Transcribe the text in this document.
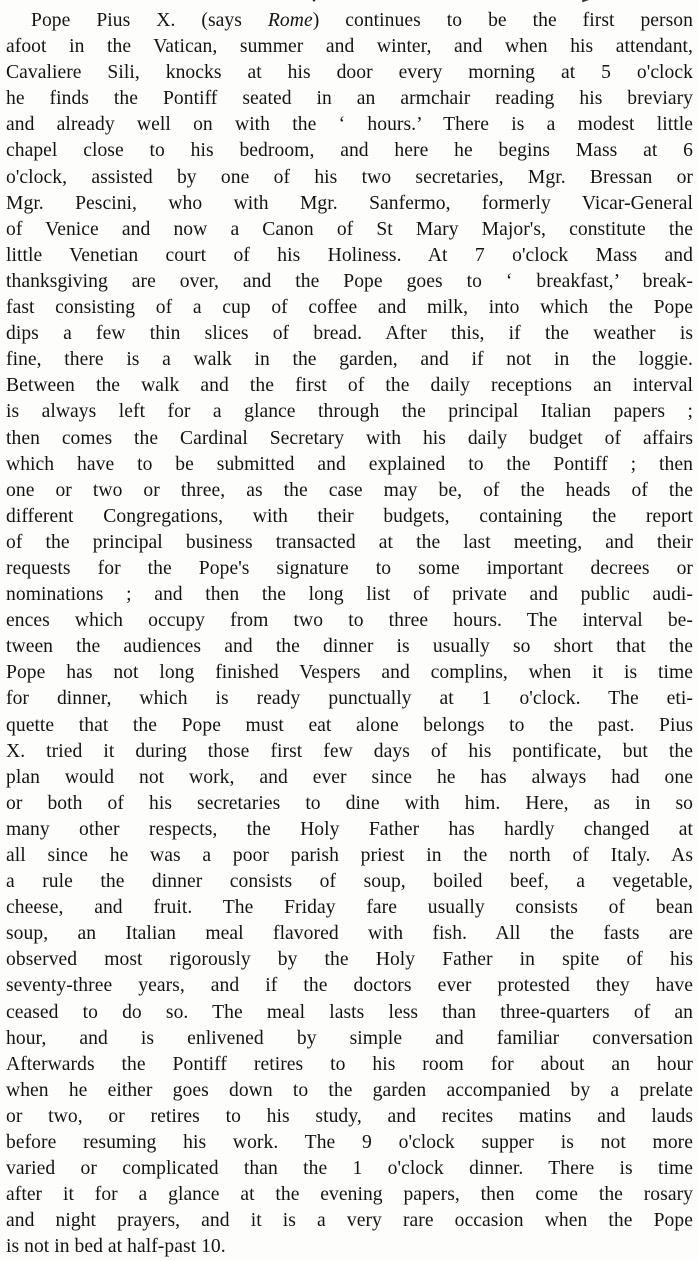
Pope Pius X. (says Rome) continues to be the first person
afoot in the Vatican, summer and winter, and when his attendant,
Cavaliere Sili, knocks at his door every morning at 5 o'clock
he finds the Pontiff seated in an armchair reading his breviary
and already well on with the ‘ hours.’ There is a modest little
chapel close to his bedroom, and here he begins Mass at 6
o'clock, assisted by one of his two secretaries, Mgr. Bressan or
Mgr. Pescini, who with Mgr. Sanfermo, formerly Vicar-General
of Venice and now a Canon of St Mary Major's, constitute the
little Venetian court of his Holiness. At 7 o'clock Mass and
thanksgiving are over, and the Pope goes to ‘ breakfast,’ break-
fast consisting of a cup of coffee and milk, into which the Pope
dips a few thin slices of bread. After this, if the weather is
fine, there is a walk in the garden, and if not in the loggie.
Between the walk and the first of the daily receptions an interval
is always left for a glance through the principal Italian papers ;
then comes the Cardinal Secretary with his daily budget of affairs
which have to be submitted and explained to the Pontiff ; then
one or two or three, as the case may be, of the heads of the
different Congregations, with their budgets, containing the report
of the principal business transacted at the last meeting, and their
requests for the Pope's signature to some important decrees or
nominations ; and then the long list of private and public audi-
ences which occupy from two to three hours. The interval be-
tween the audiences and the dinner is usually so short that the
Pope has not long finished Vespers and complins, when it is time
for dinner, which is ready punctually at 1 o'clock. The eti-
quette that the Pope must eat alone belongs to the past. Pius
X. tried it during those first few days of his pontificate, but the
plan would not work, and ever since he has always had one
or both of his secretaries to dine with him. Here, as in so
many other respects, the Holy Father has hardly changed at
all since he was a poor parish priest in the north of Italy. As
a rule the dinner consists of soup, boiled beef, a vegetable,
cheese, and fruit. The Friday fare usually consists of bean
soup, an Italian meal flavored with fish. All the fasts are
observed most rigorously by the Holy Father in spite of his
seventy-three years, and if the doctors ever protested they have
ceased to do so. The meal lasts less than three-quarters of an
hour, and is enlivened by simple and familiar conversation
Afterwards the Pontiff retires to his room for about an hour
when he either goes down to the garden accompanied by a prelate
or two, or retires to his study, and recites matins and lauds
before resuming his work. The 9 o'clock supper is not more
varied or complicated than the 1 o'clock dinner. There is time
after it for a glance at the evening papers, then come the rosary
and night prayers, and it is a very rare occasion when the Pope
is not in bed at half-past 10.
